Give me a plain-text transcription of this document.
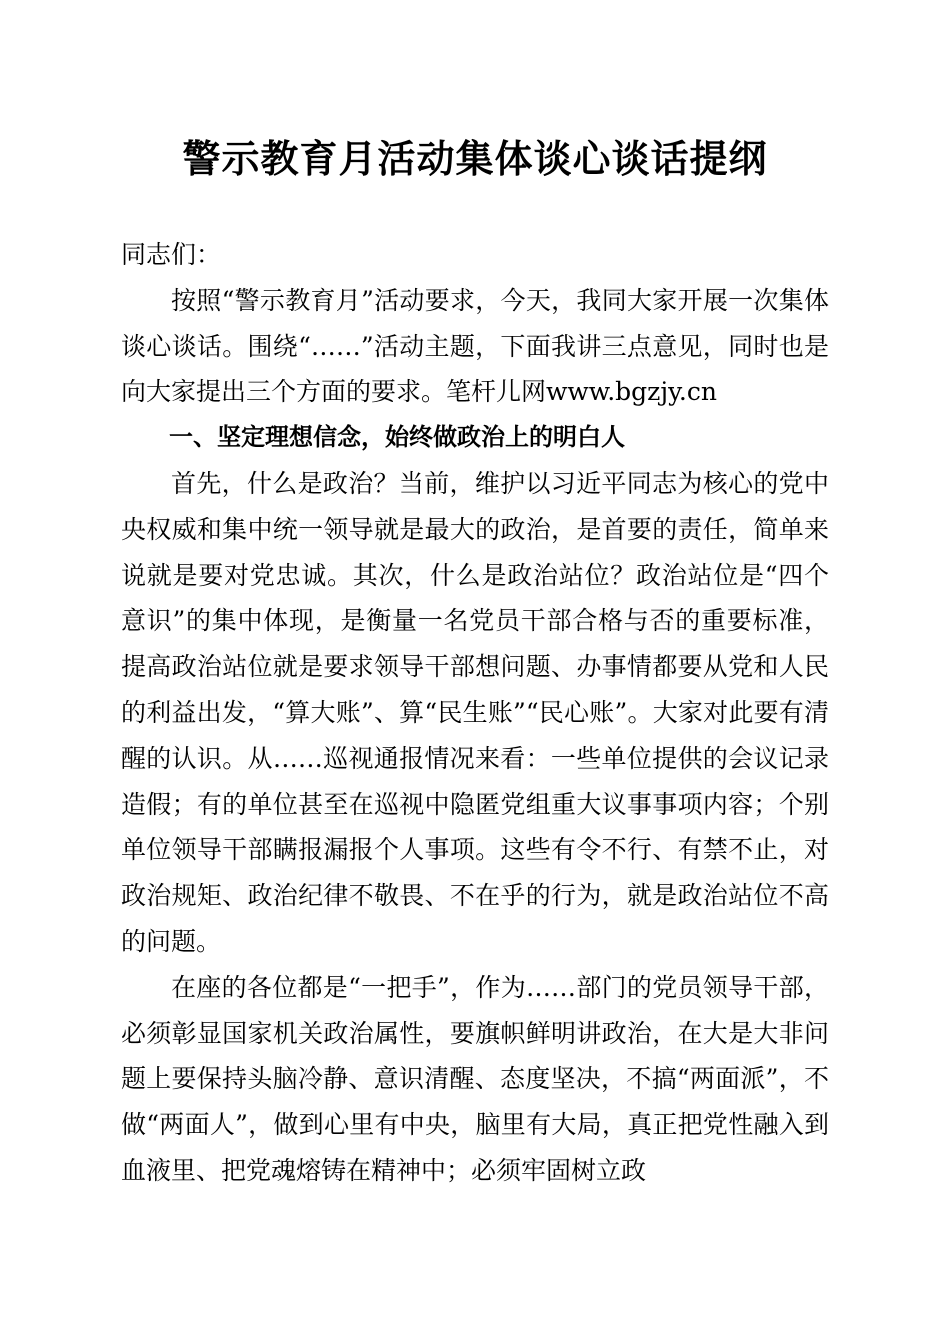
警示教育月活动集体谈心谈话提纲

同志们：

按照“警示教育月”活动要求，今天，我同大家开展一次集体谈心谈话。围绕“……”活动主题，下面我讲三点意见，同时也是向大家提出三个方面的要求。笔杆儿网www.bgzjy.cn

一、坚定理想信念，始终做政治上的明白人

首先，什么是政治？当前，维护以习近平同志为核心的党中央权威和集中统一领导就是最大的政治，是首要的责任，简单来说就是要对党忠诚。其次，什么是政治站位？政治站位是“四个意识”的集中体现，是衡量一名党员干部合格与否的重要标准，提高政治站位就是要求领导干部想问题、办事情都要从党和人民的利益出发，“算大账”、算“民生账”“民心账”。大家对此要有清醒的认识。从……巡视通报情况来看：一些单位提供的会议记录造假；有的单位甚至在巡视中隐匿党组重大议事事项内容；个别单位领导干部瞒报漏报个人事项。这些有令不行、有禁不止，对政治规矩、政治纪律不敬畏、不在乎的行为，就是政治站位不高的问题。

在座的各位都是“一把手”，作为……部门的党员领导干部，必须彰显国家机关政治属性，要旗帜鲜明讲政治，在大是大非问题上要保持头脑冷静、意识清醒、态度坚决，不搞“两面派”，不做“两面人”，做到心里有中央，脑里有大局，真正把党性融入到血液里、把党魂熔铸在精神中；必须牢固树立政
